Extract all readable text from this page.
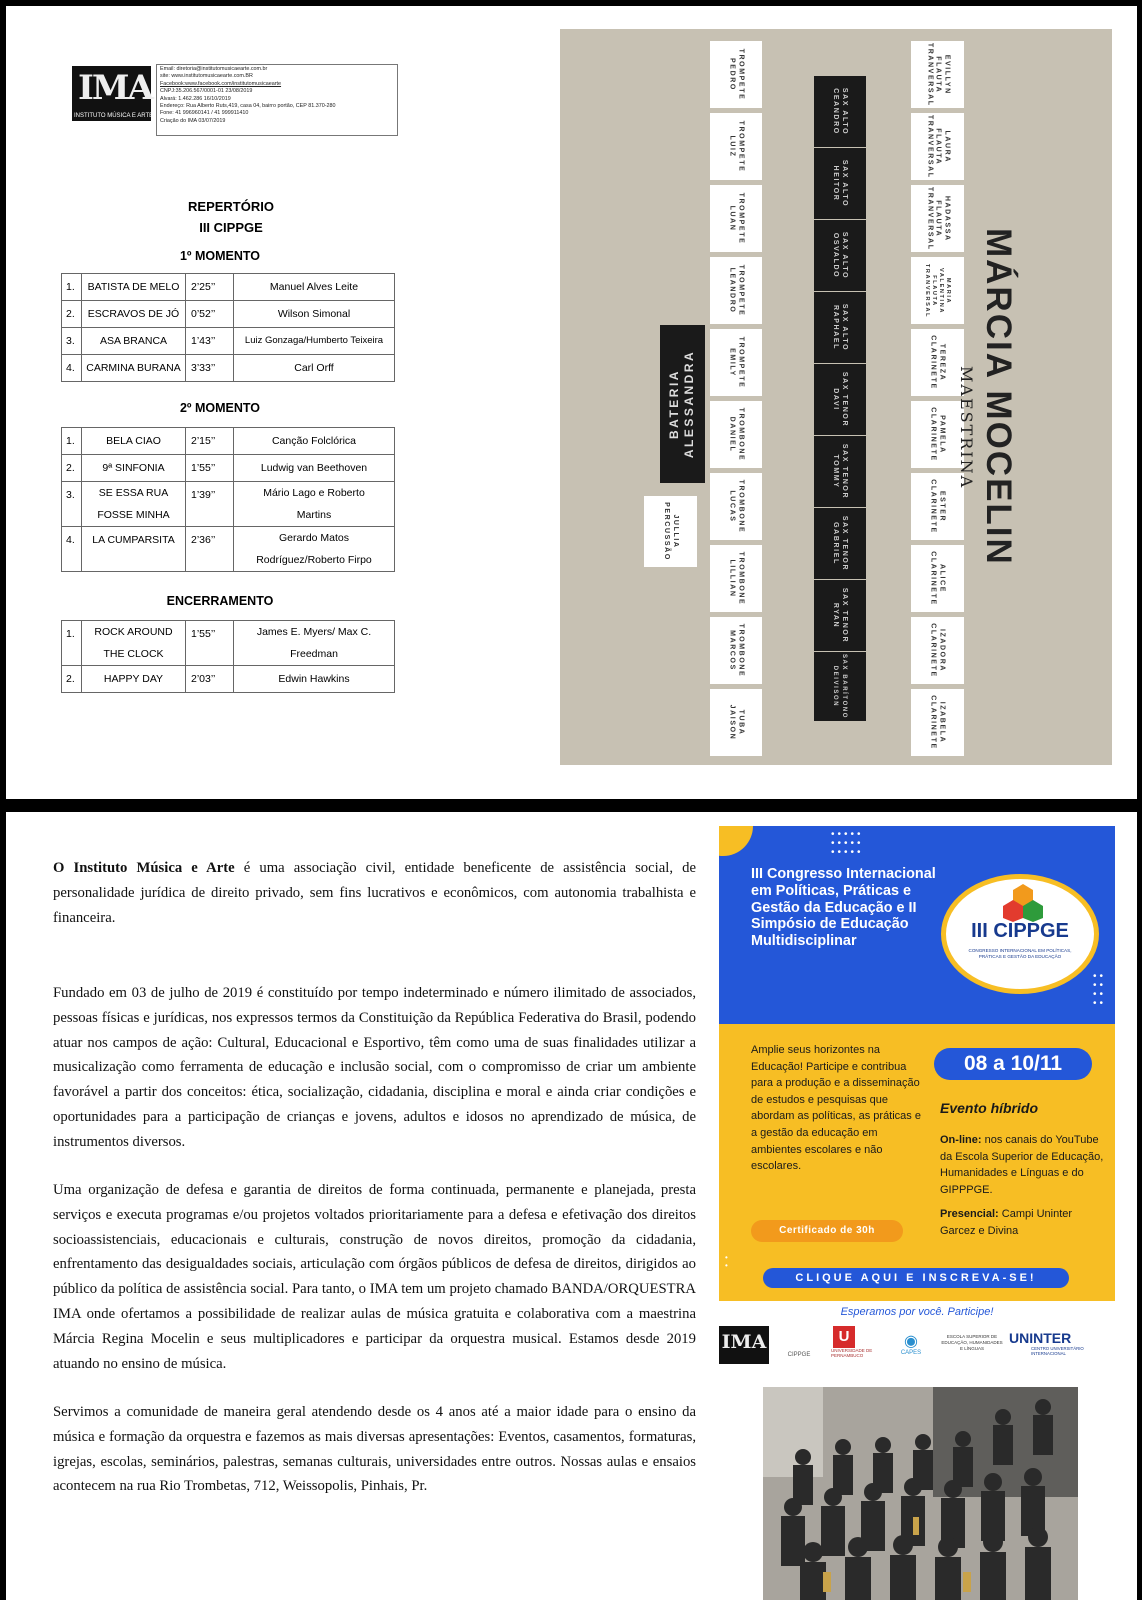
IMA
INSTITUTO MÚSICA E ARTE
Email: diretoria@institutomusicaearte.com.br
site: www.institutomusicaearte.com.BR
Facebook:www.facebook.com/institutomusicaearte
CNPJ:35.206.567/0001-01 23/08/2019
Alvará: 1.462.286 16/10/2019
Endereço: Rua Alberto Ruts,419, casa 04, bairro portão, CEP 81.370-280
Fone: 41 996960141 / 41 999911410
Criação do IMA 03/07/2019
REPERTÓRIO
III CIPPGE
1º MOMENTO
1.	BATISTA DE MELO	2’25’’	Manuel Alves Leite
2.	ESCRAVOS DE JÓ	0’52’’	Wilson Simonal
3.	ASA BRANCA	1’43’’	Luiz Gonzaga/Humberto Teixeira
4.	CARMINA BURANA	3’33’’	Carl Orff
2º MOMENTO
1.	BELA CIAO	2’15’’	Canção Folclórica
2.	9ª SINFONIA	1’55’’	Ludwig van Beethoven
3.	SE ESSA RUA FOSSE MINHA	1’39’’	Mário Lago e Roberto Martins
4.	LA CUMPARSITA	2’36’’	Gerardo Matos Rodríguez/Roberto Firpo
ENCERRAMENTO
1.	ROCK AROUND THE CLOCK	1’55’’	James E. Myers/ Max C. Freedman
2.	HAPPY DAY	2’03’’	Edwin Hawkins
TROMPETE
PEDRO
TROMPETE
LUIZ
TROMPETE
LUAN
TROMPETE
LEANDRO
TROMPETE
EMILY
TROMBONE
DANIEL
TROMBONE
LUCAS
TROMBONE
LILLIAN
TROMBONE
MARCOS
TUBA
JAISON
SAX ALTO
CEANDRO
SAX ALTO
HEITOR
SAX ALTO
OSVALDO
SAX ALTO
RAPHAEL
SAX TENOR
DAVI
SAX TENOR
TOMMY
SAX TENOR
GABRIEL
SAX TENOR
RYAN
SAX BARÍTONO
DEIVISON
EVILLYN
FLAUTA
TRANVERSAL
LAURA
FLAUTA
TRANVERSAL
HADASSA
FLAUTA
TRANVERSAL
MARIA
VALENTINA
FLAUTA
TRANVERSAL
TEREZA
CLARINETE
PAMELA
CLARINETE
ESTER
CLARINETE
ALICE
CLARINETE
IZADORA
CLARINETE
IZABELA
CLARINETE
BATERIA
ALESSANDRA
JULLIA
PERCUSSÃO
MAESTRINA MÁRCIA MOCELIN

O Instituto Música e Arte é uma associação civil, entidade beneficente de assistência social, de personalidade jurídica de direito privado, sem fins lucrativos e econômicos, com autonomia trabalhista e financeira.

Fundado em 03 de julho de 2019 é constituído por tempo indeterminado e número ilimitado de associados, pessoas físicas e jurídicas, nos expressos termos da Constituição da República Federativa do Brasil, podendo atuar nos campos de ação: Cultural, Educacional e Esportivo, têm como uma de suas finalidades utilizar a musicalização como ferramenta de educação e inclusão social, com o compromisso de criar um ambiente favorável a partir dos conceitos: ética, socialização, cidadania, disciplina e moral e ainda criar condições e oportunidades para a participação de crianças e jovens, adultos e idosos no aprendizado de música, de instrumentos diversos.

Uma organização de defesa e garantia de direitos de forma continuada, permanente e planejada, presta serviços e executa programas e/ou projetos voltados prioritariamente para a defesa e efetivação dos direitos socioassistenciais, educacionais e culturais, construção de novos direitos, promoção da cidadania, enfrentamento das desigualdades sociais, articulação com órgãos públicos de defesa de direitos, dirigidos ao público da política de assistência social. Para tanto, o IMA tem um projeto chamado BANDA/ORQUESTRA IMA onde ofertamos a possibilidade de realizar aulas de música gratuita e colaborativa com a maestrina Márcia Regina Mocelin e seus multiplicadores e participar da orquestra musical. Estamos desde 2019 atuando no ensino de música.

Servimos a comunidade de maneira geral atendendo desde os 4 anos até a maior idade para o ensino da música e formação da orquestra e fazemos as mais diversas apresentações: Eventos, casamentos, formaturas, igrejas, escolas, seminários, palestras, semanas culturais, universidades entre outros. Nossas aulas e ensaios acontecem na rua Rio Trombetas, 712, Weissopolis, Pinhais, Pr.

•••••
•••••
•••••
••
••
••
••
III Congresso Internacional em Políticas, Práticas e Gestão da Educação e II Simpósio de Educação Multidisciplinar	III CIPPGE
CONGRESSO INTERNACIONAL EM POLÍTICAS, PRÁTICAS E GESTÃO DA EDUCAÇÃO
Amplie seus horizontes na Educação! Participe e contribua para a produção e a disseminação de estudos e pesquisas que abordam as políticas, as práticas e a gestão da educação em ambientes escolares e não escolares.
08 a 10/11
Evento híbrido
On-line: nos canais do YouTube da Escola Superior de Educação, Humanidades e Línguas e do GIPPPGE.
Presencial: Campi Uninter Garcez e Divina
Certificado de 30h
CLIQUE AQUI E INSCREVA-SE!
•
•
Esperamos por você. Participe!
IMA
CIPPGE
U
UNIVERSIDADE DE PERNAMBUCO
◉
CAPES
ESCOLA SUPERIOR DE EDUCAÇÃO, HUMANIDADES E LÍNGUAS
UNINTER
CENTRO UNIVERSITÁRIO INTERNACIONAL
